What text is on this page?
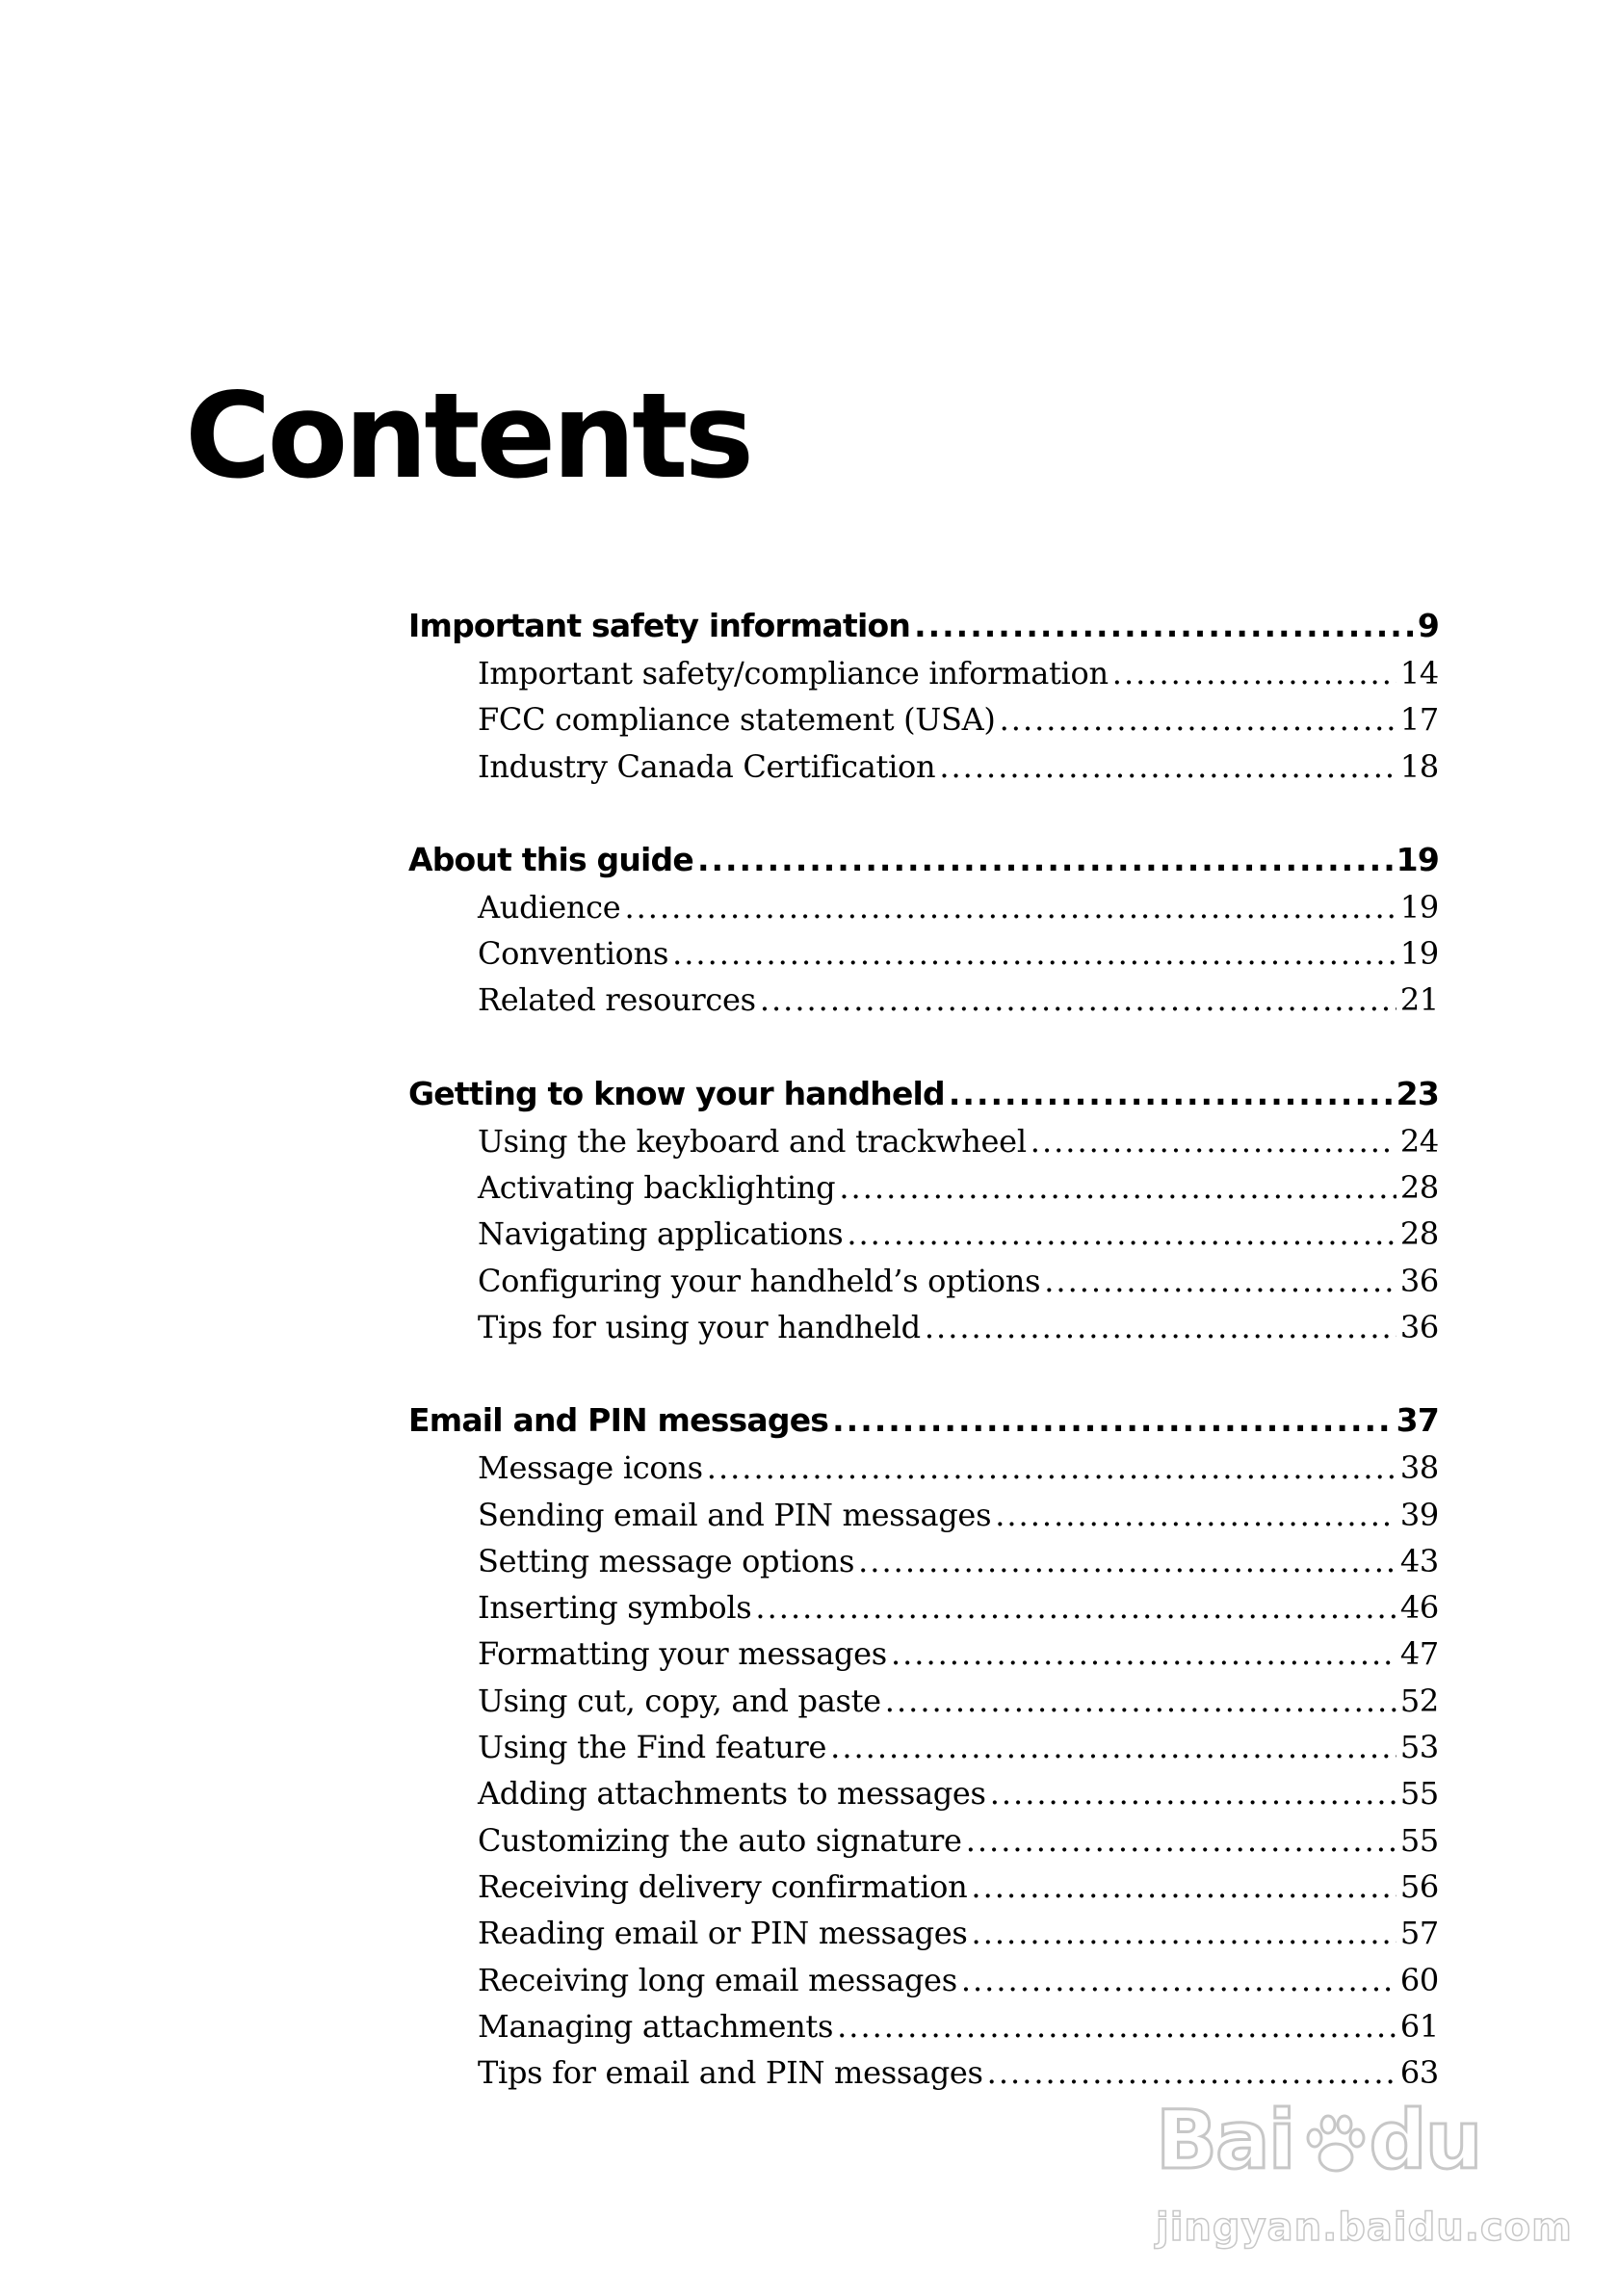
Contents
Important safety information .....	9
Important safety/compliance information .....	14
FCC compliance statement (USA) .....	17
Industry Canada Certification .....	18
About this guide .....	19
Audience .....	19
Conventions .....	19
Related resources .....	21
Getting to know your handheld .....	23
Using the keyboard and trackwheel .....	24
Activating backlighting .....	28
Navigating applications .....	28
Configuring your handheld’s options .....	36
Tips for using your handheld .....	36
Email and PIN messages .....	37
Message icons .....	38
Sending email and PIN messages .....	39
Setting message options .....	43
Inserting symbols .....	46
Formatting your messages .....	47
Using cut, copy, and paste .....	52
Using the Find feature .....	53
Adding attachments to messages .....	55
Customizing the auto signature .....	55
Receiving delivery confirmation .....	56
Reading email or PIN messages .....	57
Receiving long email messages .....	60
Managing attachments .....	61
Tips for email and PIN messages .....	63
Bai du
jingyan.baidu.com
